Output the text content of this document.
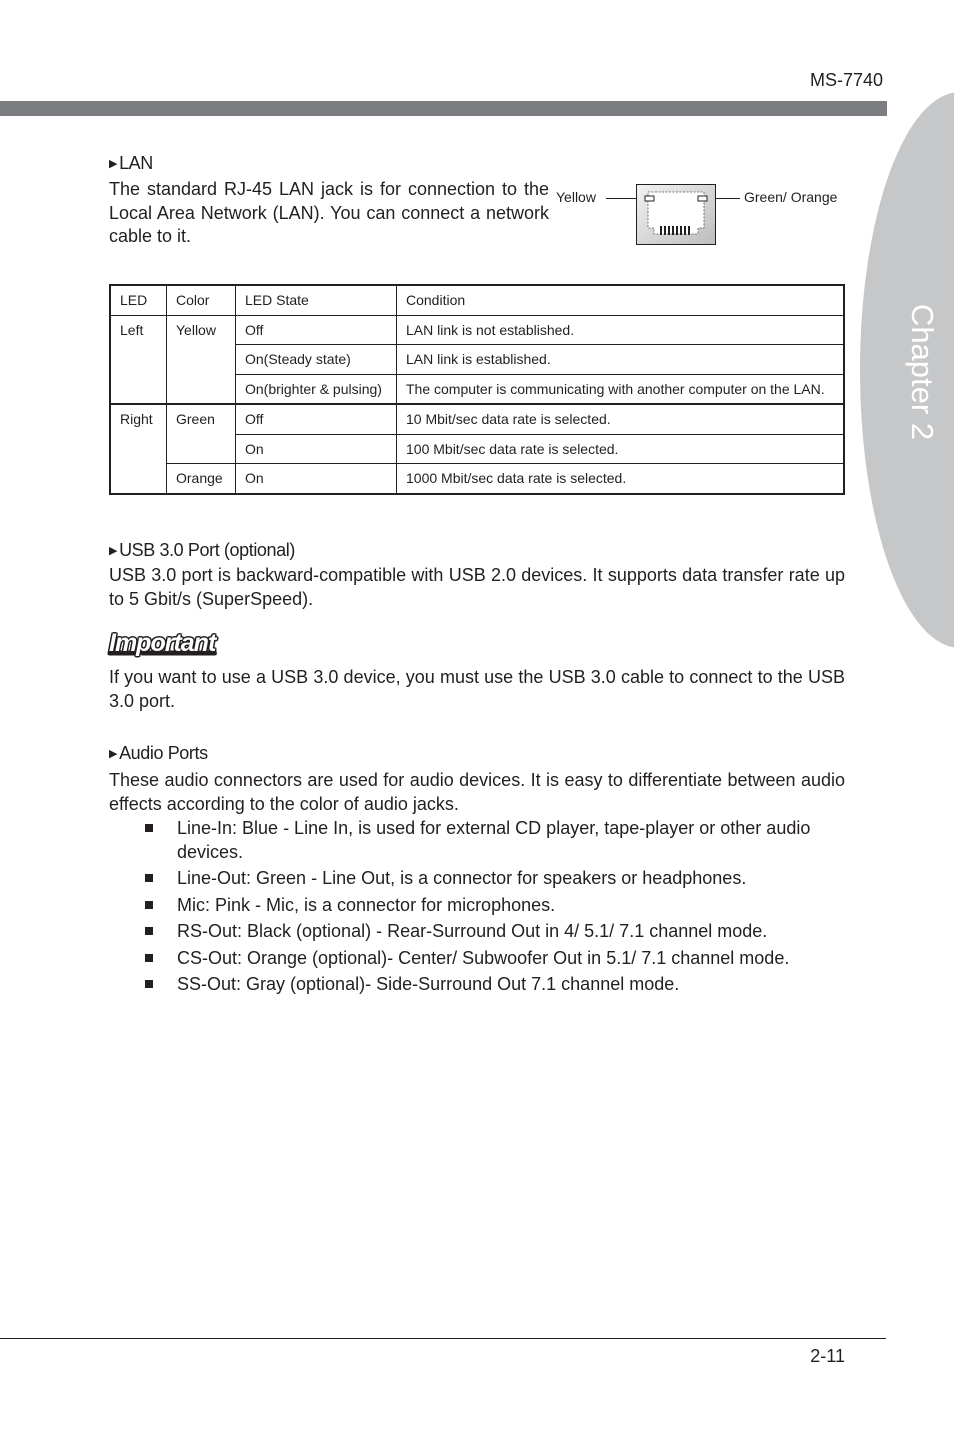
MS-7740
Chapter 2
▶ LAN

The standard RJ-45 LAN jack is for connection to the Local Area Network (LAN). You can connect a network cable to it.

Yellow	Green/ Orange
LED	Color	LED State	Condition
Left	Yellow	Off	LAN link is not established.
		On(Steady state)	LAN link is established.
		On(brighter & pulsing)	The computer is communicating with another computer on the LAN.
Right	Green	Off	10 Mbit/sec data rate is selected.
		On	100 Mbit/sec data rate is selected.
	Orange	On	1000 Mbit/sec data rate is selected.
▶ USB 3.0 Port (optional)

USB 3.0 port is backward-compatible with USB 2.0 devices. It supports data transfer rate up to 5 Gbit/s (SuperSpeed).

Important

If you want to use a USB 3.0 device, you must use the USB 3.0 cable to connect to the USB 3.0 port.

▶ Audio Ports

These audio connectors are used for audio devices. It is easy to differentiate between audio effects according to the color of audio jacks.

Line-In: Blue - Line In, is used for external CD player, tape-player or other audio devices.
Line-Out: Green - Line Out, is a connector for speakers or headphones.
Mic: Pink - Mic, is a connector for microphones.
RS-Out: Black (optional) - Rear-Surround Out in 4/ 5.1/ 7.1 channel mode.
CS-Out: Orange (optional)- Center/ Subwoofer Out in 5.1/ 7.1 channel mode.
SS-Out: Gray (optional)- Side-Surround Out 7.1 channel mode.
2-11
